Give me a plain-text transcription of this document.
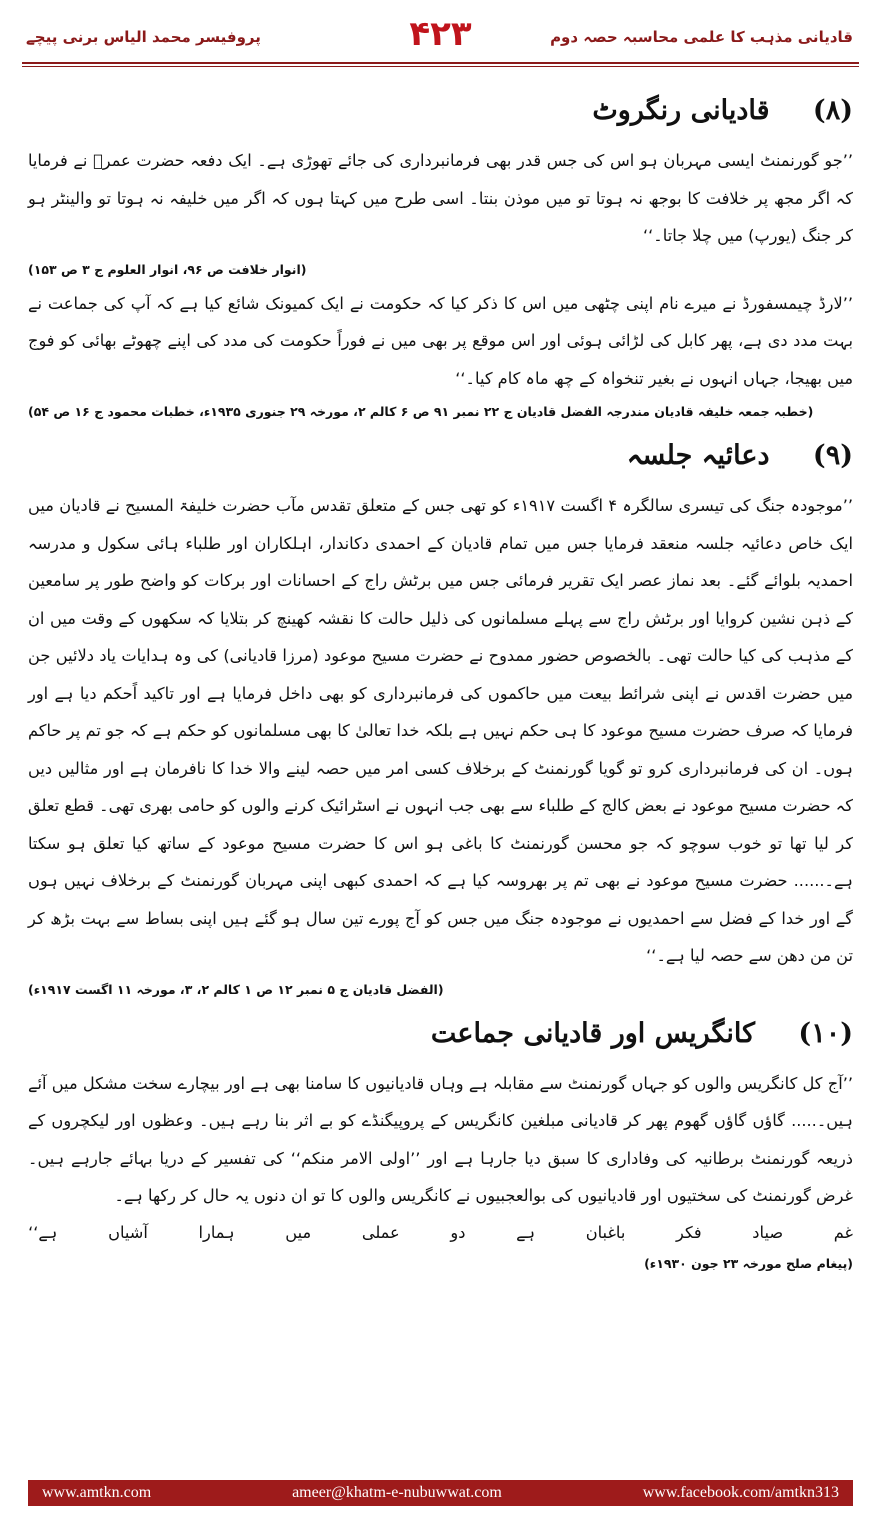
قادیانی مذہب کا علمی محاسبہ حصہ دوم
۴۲۳
پروفیسر محمد الیاس برنی پیچے
(۸) قادیانی رنگروٹ
’’جو گورنمنٹ ایسی مہربان ہو اس کی جس قدر بھی فرمانبرداری کی جائے تھوڑی ہے۔ ایک دفعہ حضرت عمرؓ نے فرمایا کہ اگر مجھ پر خلافت کا بوجھ نہ ہوتا تو میں موذن بنتا۔ اسی طرح میں کہتا ہوں کہ اگر میں خلیفہ نہ ہوتا تو والینٹر ہو کر جنگ (یورپ) میں چلا جاتا۔‘‘
(انوار خلافت ص ۹۶، انوار العلوم ج ۳ ص ۱۵۳)
’’لارڈ چیمسفورڈ نے میرے نام اپنی چٹھی میں اس کا ذکر کیا کہ حکومت نے ایک کمیونک شائع کیا ہے کہ آپ کی جماعت نے بہت مدد دی ہے، پھر کابل کی لڑائی ہوئی اور اس موقع پر بھی میں نے فوراً حکومت کی مدد کی اپنے چھوٹے بھائی کو فوج میں بھیجا، جہاں انہوں نے بغیر تنخواہ کے چھ ماہ کام کیا۔‘‘
(خطبہ جمعہ خلیفہ قادیان مندرجہ الفضل قادیان ج ۲۲ نمبر ۹۱ ص ۶ کالم ۲، مورخہ ۲۹ جنوری ۱۹۳۵ء، خطبات محمود ج ۱۶ ص ۵۴)
(۹) دعائیہ جلسہ
’’موجودہ جنگ کی تیسری سالگرہ ۴ اگست ۱۹۱۷ء کو تھی جس کے متعلق تقدس مآب حضرت خلیفۃ المسیح نے قادیان میں ایک خاص دعائیہ جلسہ منعقد فرمایا جس میں تمام قادیان کے احمدی دکاندار، اہلکاران اور طلباء ہائی سکول و مدرسہ احمدیہ بلوائے گئے۔ بعد نماز عصر ایک تقریر فرمائی جس میں برٹش راج کے احسانات اور برکات کو واضح طور پر سامعین کے ذہن نشین کروایا اور برٹش راج سے پہلے مسلمانوں کی ذلیل حالت کا نقشہ کھینچ کر بتلایا کہ سکھوں کے وقت میں ان کے مذہب کی کیا حالت تھی۔ بالخصوص حضور ممدوح نے حضرت مسیح موعود (مرزا قادیانی) کی وہ ہدایات یاد دلائیں جن میں حضرت اقدس نے اپنی شرائط بیعت میں حاکموں کی فرمانبرداری کو بھی داخل فرمایا ہے اور تاکید اًحکم دیا ہے اور فرمایا کہ صرف حضرت مسیح موعود کا ہی حکم نہیں ہے بلکہ خدا تعالیٰ کا بھی مسلمانوں کو حکم ہے کہ جو تم پر حاکم ہوں۔ ان کی فرمانبرداری کرو تو گویا گورنمنٹ کے برخلاف کسی امر میں حصہ لینے والا خدا کا نافرمان ہے اور مثالیں دیں کہ حضرت مسیح موعود نے بعض کالج کے طلباء سے بھی جب انہوں نے اسٹرائیک کرنے والوں کو حامی بھری تھی۔ قطع تعلق کر لیا تھا تو خوب سوچو کہ جو محسن گورنمنٹ کا باغی ہو اس کا حضرت مسیح موعود کے ساتھ کیا تعلق ہو سکتا ہے۔...... حضرت مسیح موعود نے بھی تم پر بھروسہ کیا ہے کہ احمدی کبھی اپنی مہربان گورنمنٹ کے برخلاف نہیں ہوں گے اور خدا کے فضل سے احمدیوں نے موجودہ جنگ میں جس کو آج پورے تین سال ہو گئے ہیں اپنی بساط سے بہت بڑھ کر تن من دھن سے حصہ لیا ہے۔‘‘
(الفضل قادیان ج ۵ نمبر ۱۲ ص ۱ کالم ۲، ۳، مورخہ ۱۱ اگست ۱۹۱۷ء)
(۱۰) کانگریس اور قادیانی جماعت
’’آج کل کانگریس والوں کو جہاں گورنمنٹ سے مقابلہ ہے وہاں قادیانیوں کا سامنا بھی ہے اور بیچارے سخت مشکل میں آئے ہیں۔..... گاؤں گاؤں گھوم پھر کر قادیانی مبلغین کانگریس کے پروپیگنڈے کو بے اثر بنا رہے ہیں۔ وعظوں اور لیکچروں کے ذریعہ گورنمنٹ برطانیہ کی وفاداری کا سبق دیا جارہا ہے اور ’’اولی الامر منکم‘‘ کی تفسیر کے دریا بہائے جارہے ہیں۔ غرض گورنمنٹ کی سختیوں اور قادیانیوں کی بوالعجبیوں نے کانگریس والوں کا تو ان دنوں یہ حال کر رکھا ہے۔
غم
صیاد
فکر
باغبان
ہے
دو
عملی
میں
ہمارا
آشیاں
ہے‘‘
(پیغام صلح مورخہ ۲۳ جون ۱۹۳۰ء)
www.amtkn.com	ameer@khatm-e-nubuwwat.com	www.facebook.com/amtkn313
